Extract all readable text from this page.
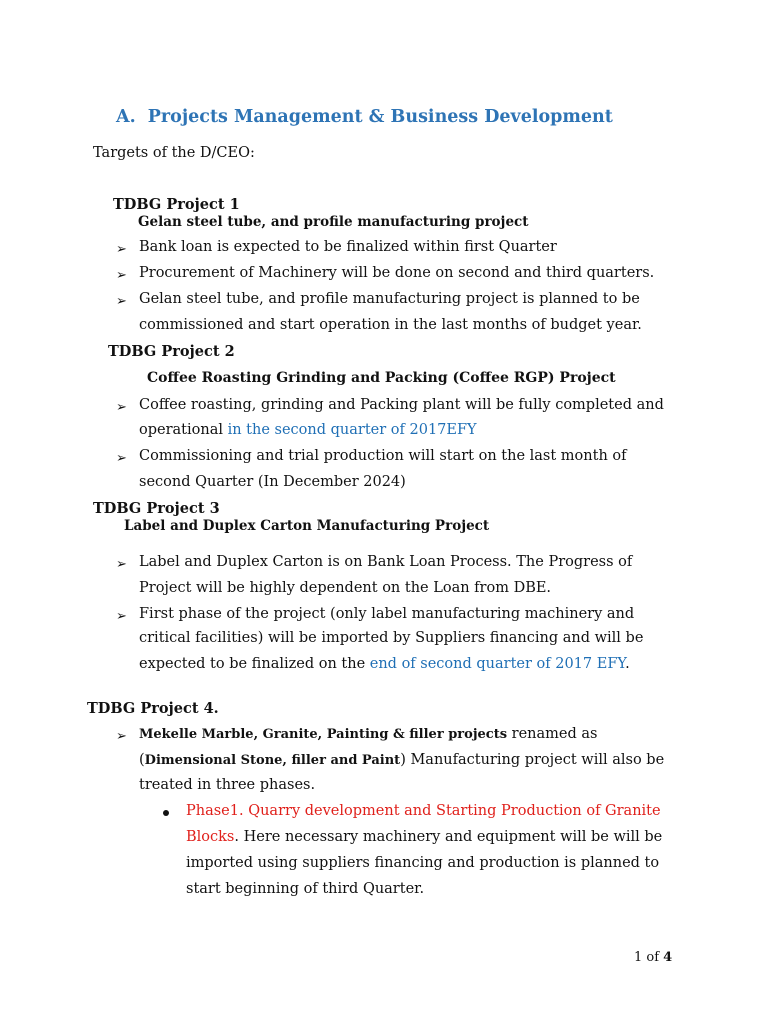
A. Projects Management & Business Development
Targets of the D/CEO:
TDBG Project 1
Gelan steel tube, and profile manufacturing project
➢ Bank loan is expected to be finalized within first Quarter
➢ Procurement of Machinery will be done on second and third quarters.
➢ Gelan steel tube, and profile manufacturing project is planned to be
commissioned and start operation in the last months of budget year.
TDBG Project 2
Coffee Roasting Grinding and Packing (Coffee RGP) Project
➢ Coffee roasting, grinding and Packing plant will be fully completed and
operational in the second quarter of 2017EFY
➢ Commissioning and trial production will start on the last month of
second Quarter (In December 2024)
TDBG Project 3
Label and Duplex Carton Manufacturing Project
➢ Label and Duplex Carton is on Bank Loan Process. The Progress of
Project will be highly dependent on the Loan from DBE.
➢ First phase of the project (only label manufacturing machinery and
critical facilities) will be imported by Suppliers financing and will be
expected to be finalized on the end of second quarter of 2017 EFY.
TDBG Project 4.
➢ Mekelle Marble, Granite, Painting & filler projects renamed as
(Dimensional Stone, filler and Paint) Manufacturing project will also be
treated in three phases.
Phase1. Quarry development and Starting Production of Granite
Blocks. Here necessary machinery and equipment will be will be
imported using suppliers financing and production is planned to
start beginning of third Quarter.
1 of 4
